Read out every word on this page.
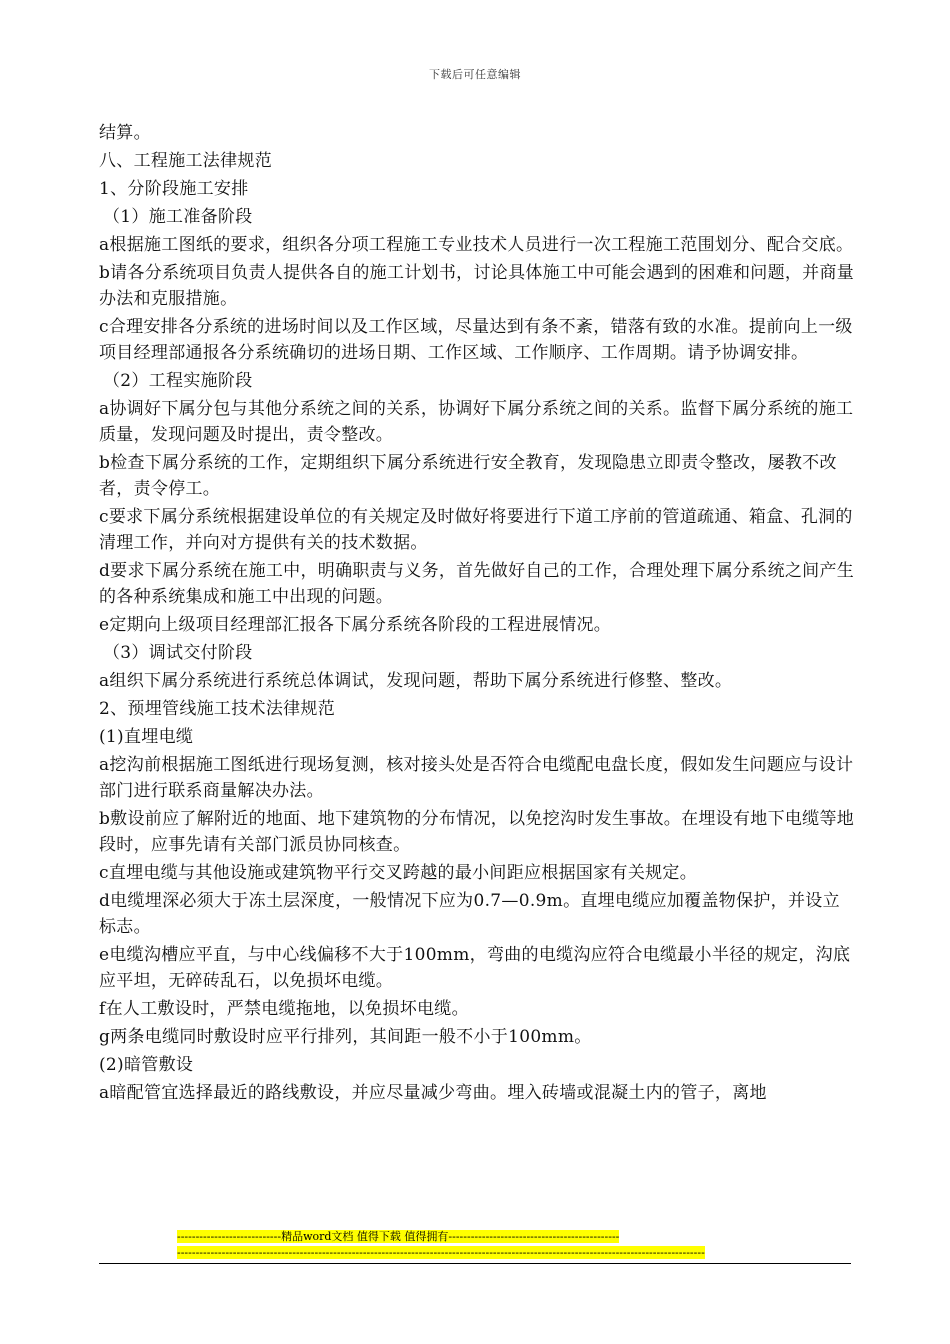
下载后可任意编辑

结算。

八、工程施工法律规范

1、分阶段施工安排

（1）施工准备阶段

a根据施工图纸的要求，组织各分项工程施工专业技术人员进行一次工程施工范围划分、配合交底。

b请各分系统项目负责人提供各自的施工计划书，讨论具体施工中可能会遇到的困难和问题，并商量办法和克服措施。

c合理安排各分系统的进场时间以及工作区域，尽量达到有条不紊，错落有致的水准。提前向上一级项目经理部通报各分系统确切的进场日期、工作区域、工作顺序、工作周期。请予协调安排。

（2）工程实施阶段

a协调好下属分包与其他分系统之间的关系，协调好下属分系统之间的关系。监督下属分系统的施工质量，发现问题及时提出，责令整改。

b检查下属分系统的工作，定期组织下属分系统进行安全教育，发现隐患立即责令整改，屡教不改者，责令停工。

c要求下属分系统根据建设单位的有关规定及时做好将要进行下道工序前的管道疏通、箱盒、孔洞的清理工作，并向对方提供有关的技术数据。

d要求下属分系统在施工中，明确职责与义务，首先做好自己的工作，合理处理下属分系统之间产生的各种系统集成和施工中出现的问题。

e定期向上级项目经理部汇报各下属分系统各阶段的工程进展情况。

（3）调试交付阶段

a组织下属分系统进行系统总体调试，发现问题，帮助下属分系统进行修整、整改。

2、预埋管线施工技术法律规范

(1)直埋电缆

a挖沟前根据施工图纸进行现场复测，核对接头处是否符合电缆配电盘长度，假如发生问题应与设计部门进行联系商量解决办法。

b敷设前应了解附近的地面、地下建筑物的分布情况，以免挖沟时发生事故。在埋设有地下电缆等地段时，应事先请有关部门派员协同核查。

c直埋电缆与其他设施或建筑物平行交叉跨越的最小间距应根据国家有关规定。

d电缆埋深必须大于冻土层深度，一般情况下应为0.7—0.9m。直埋电缆应加覆盖物保护，并设立标志。

e电缆沟槽应平直，与中心线偏移不大于100mm，弯曲的电缆沟应符合电缆最小半径的规定，沟底应平坦，无碎砖乱石，以免损坏电缆。

f在人工敷设时，严禁电缆拖地，以免损坏电缆。

g两条电缆同时敷设时应平行排列，其间距一般不小于100mm。

(2)暗管敷设

a暗配管宜选择最近的路线敷设，并应尽量减少弯曲。埋入砖墙或混凝土内的管子，离地

----------------------------精品word文档 值得下载 值得拥有----------------------------------------------
----------------------------------------------------------------------------------------------------------------------------------------------
